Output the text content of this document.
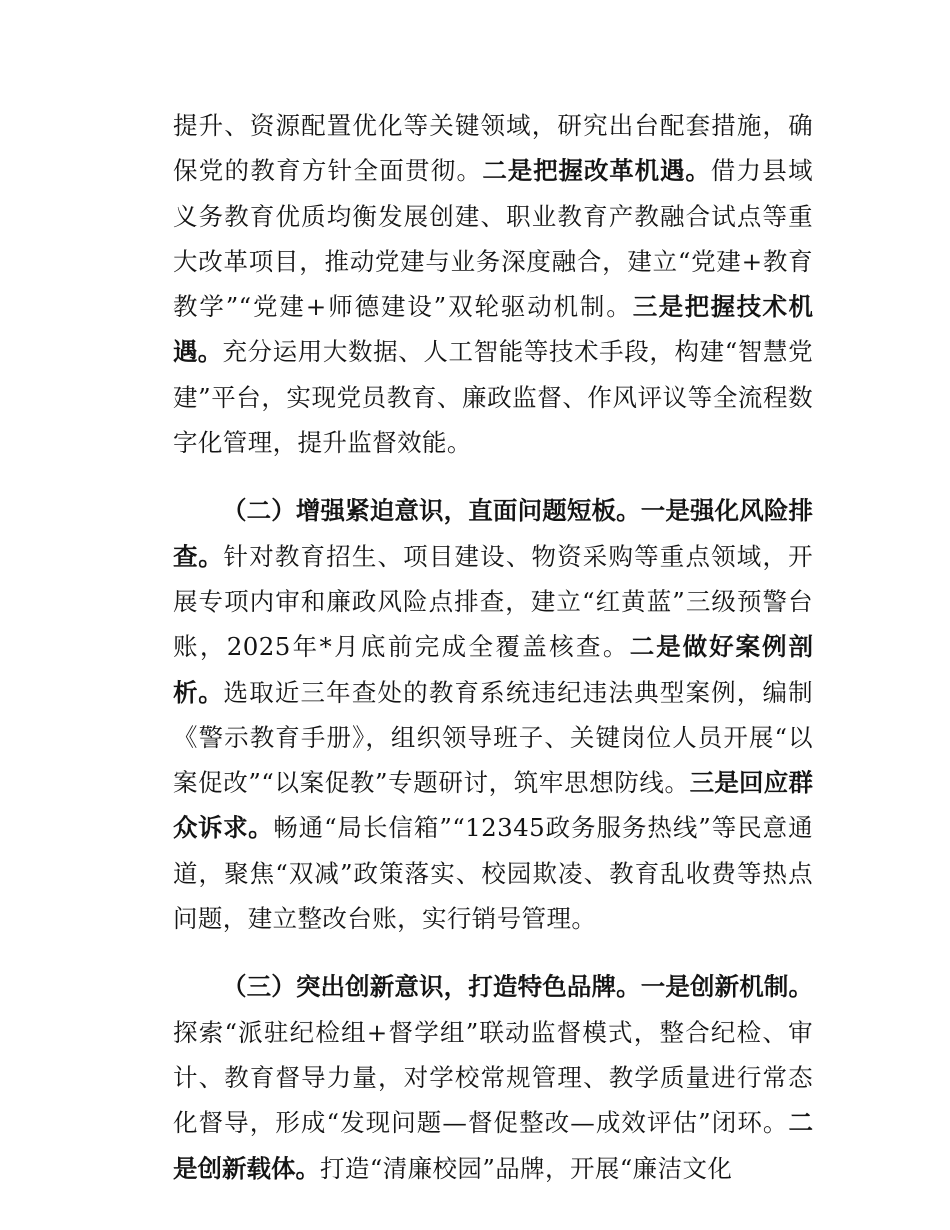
提升、资源配置优化等关键领域，研究出台配套措施，确保党的教育方针全面贯彻。二是把握改革机遇。借力县域义务教育优质均衡发展创建、职业教育产教融合试点等重大改革项目，推动党建与业务深度融合，建立“党建+教育教学”“党建+师德建设”双轮驱动机制。三是把握技术机遇。充分运用大数据、人工智能等技术手段，构建“智慧党建”平台，实现党员教育、廉政监督、作风评议等全流程数字化管理，提升监督效能。

（二）增强紧迫意识，直面问题短板。一是强化风险排查。针对教育招生、项目建设、物资采购等重点领域，开展专项内审和廉政风险点排查，建立“红黄蓝”三级预警台账，2025年*月底前完成全覆盖核查。二是做好案例剖析。选取近三年查处的教育系统违纪违法典型案例，编制《警示教育手册》，组织领导班子、关键岗位人员开展“以案促改”“以案促教”专题研讨，筑牢思想防线。三是回应群众诉求。畅通“局长信箱”“12345政务服务热线”等民意通道，聚焦“双减”政策落实、校园欺凌、教育乱收费等热点问题，建立整改台账，实行销号管理。

（三）突出创新意识，打造特色品牌。一是创新机制。探索“派驻纪检组+督学组”联动监督模式，整合纪检、审计、教育督导力量，对学校常规管理、教学质量进行常态化督导，形成“发现问题—督促整改—成效评估”闭环。二是创新载体。打造“清廉校园”品牌，开展“廉洁文化
